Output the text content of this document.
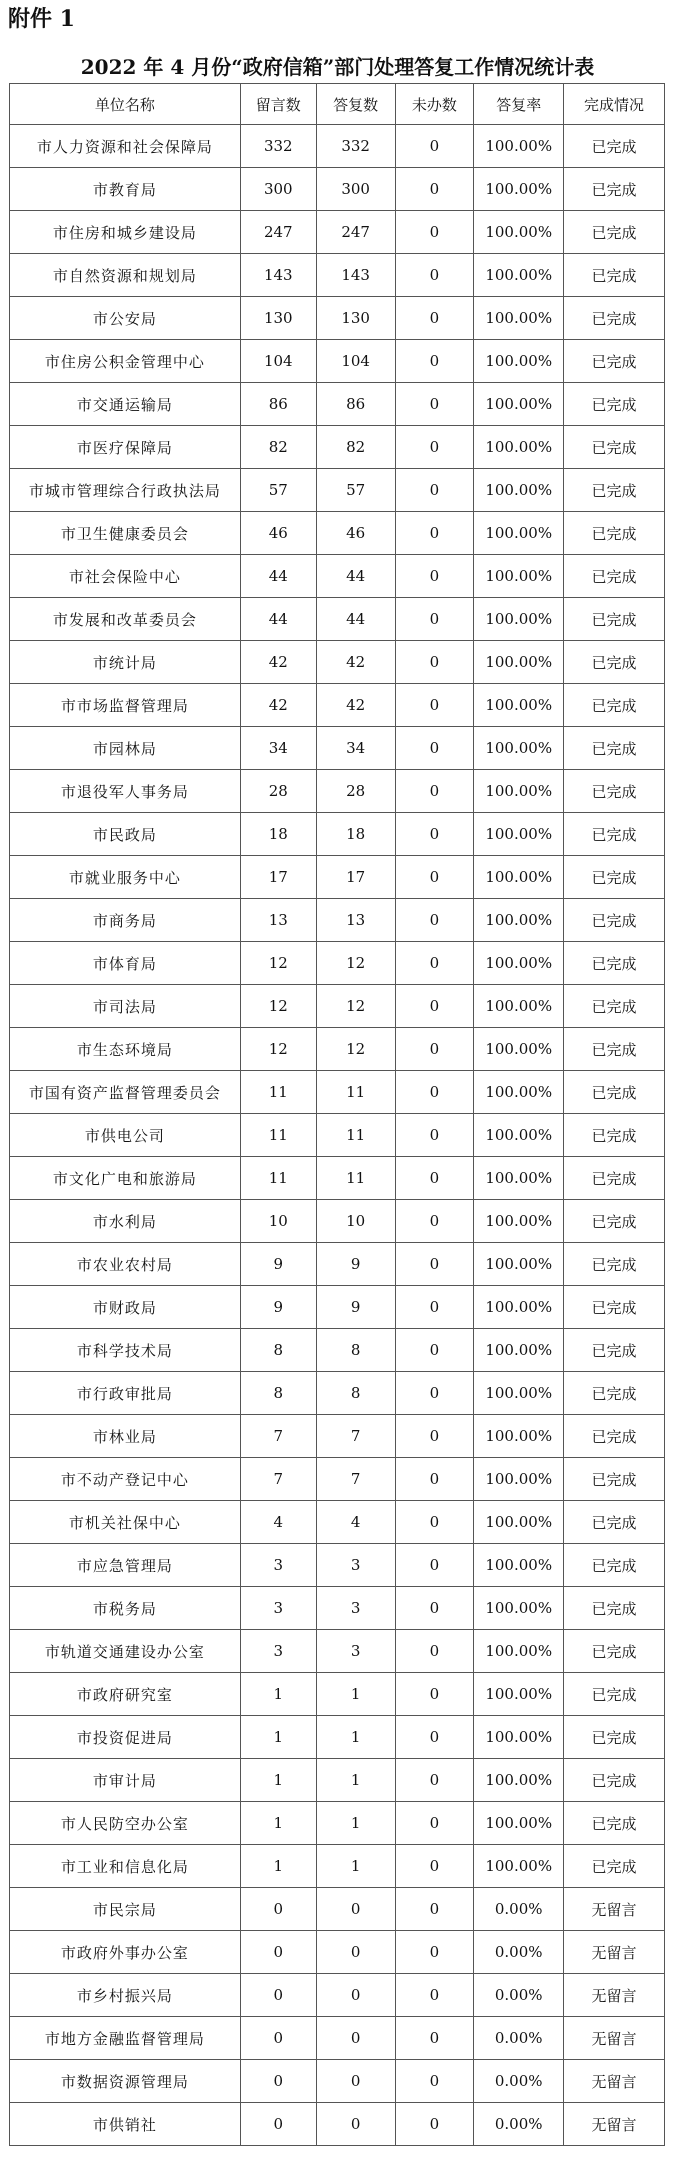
附件 1
2022 年 4 月份“政府信箱”部门处理答复工作情况统计表
单位名称	留言数	答复数	未办数	答复率	完成情况
市人力资源和社会保障局	332	332	0	100.00%	已完成
市教育局	300	300	0	100.00%	已完成
市住房和城乡建设局	247	247	0	100.00%	已完成
市自然资源和规划局	143	143	0	100.00%	已完成
市公安局	130	130	0	100.00%	已完成
市住房公积金管理中心	104	104	0	100.00%	已完成
市交通运输局	86	86	0	100.00%	已完成
市医疗保障局	82	82	0	100.00%	已完成
市城市管理综合行政执法局	57	57	0	100.00%	已完成
市卫生健康委员会	46	46	0	100.00%	已完成
市社会保险中心	44	44	0	100.00%	已完成
市发展和改革委员会	44	44	0	100.00%	已完成
市统计局	42	42	0	100.00%	已完成
市市场监督管理局	42	42	0	100.00%	已完成
市园林局	34	34	0	100.00%	已完成
市退役军人事务局	28	28	0	100.00%	已完成
市民政局	18	18	0	100.00%	已完成
市就业服务中心	17	17	0	100.00%	已完成
市商务局	13	13	0	100.00%	已完成
市体育局	12	12	0	100.00%	已完成
市司法局	12	12	0	100.00%	已完成
市生态环境局	12	12	0	100.00%	已完成
市国有资产监督管理委员会	11	11	0	100.00%	已完成
市供电公司	11	11	0	100.00%	已完成
市文化广电和旅游局	11	11	0	100.00%	已完成
市水利局	10	10	0	100.00%	已完成
市农业农村局	9	9	0	100.00%	已完成
市财政局	9	9	0	100.00%	已完成
市科学技术局	8	8	0	100.00%	已完成
市行政审批局	8	8	0	100.00%	已完成
市林业局	7	7	0	100.00%	已完成
市不动产登记中心	7	7	0	100.00%	已完成
市机关社保中心	4	4	0	100.00%	已完成
市应急管理局	3	3	0	100.00%	已完成
市税务局	3	3	0	100.00%	已完成
市轨道交通建设办公室	3	3	0	100.00%	已完成
市政府研究室	1	1	0	100.00%	已完成
市投资促进局	1	1	0	100.00%	已完成
市审计局	1	1	0	100.00%	已完成
市人民防空办公室	1	1	0	100.00%	已完成
市工业和信息化局	1	1	0	100.00%	已完成
市民宗局	0	0	0	0.00%	无留言
市政府外事办公室	0	0	0	0.00%	无留言
市乡村振兴局	0	0	0	0.00%	无留言
市地方金融监督管理局	0	0	0	0.00%	无留言
市数据资源管理局	0	0	0	0.00%	无留言
市供销社	0	0	0	0.00%	无留言
